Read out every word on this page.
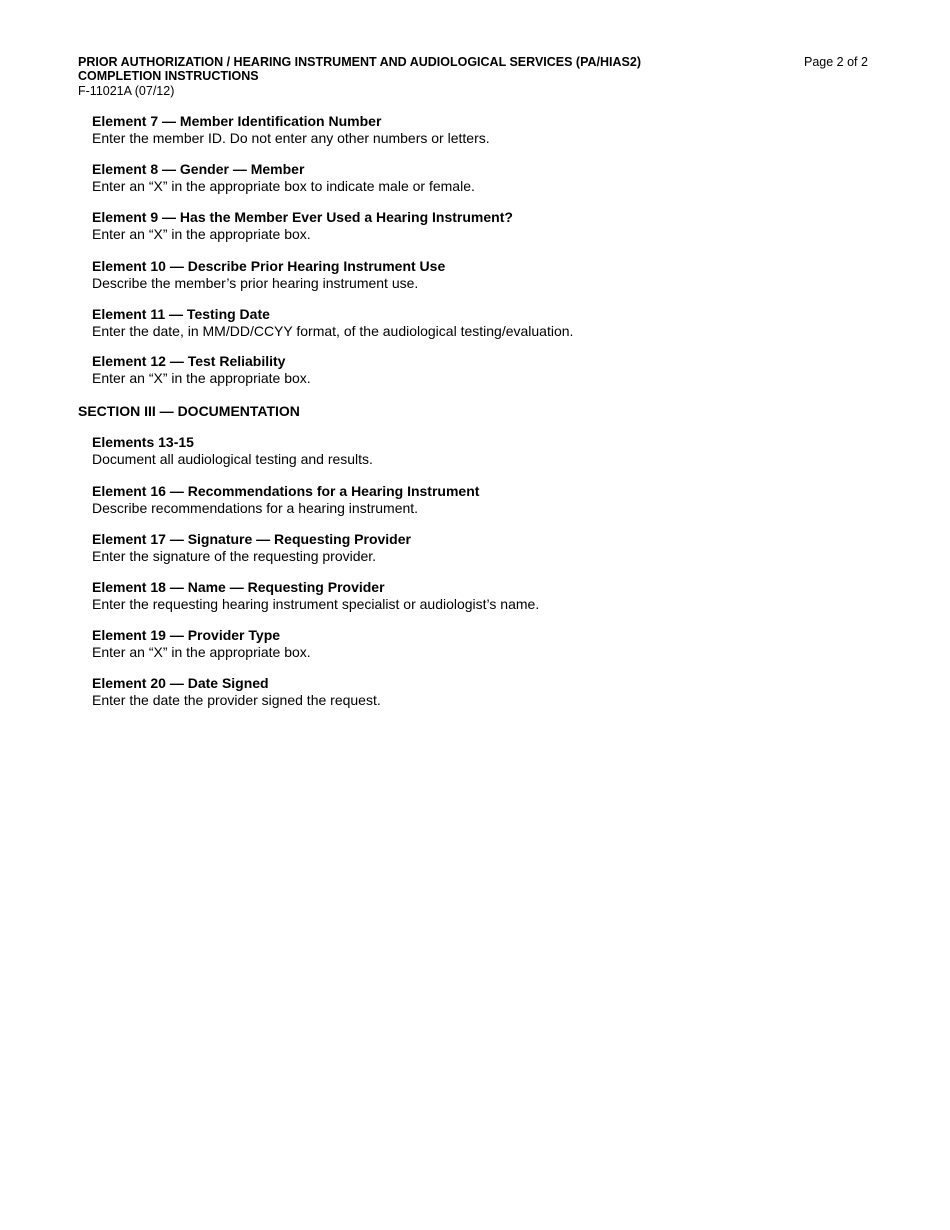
PRIOR AUTHORIZATION / HEARING INSTRUMENT AND AUDIOLOGICAL SERVICES (PA/HIAS2)
COMPLETION INSTRUCTIONS
F-11021A (07/12)
Page 2 of 2
SECTION III — DOCUMENTATION
Element 7 — Member Identification Number
Enter the member ID. Do not enter any other numbers or letters.
Element 8 — Gender — Member
Enter an “X” in the appropriate box to indicate male or female.
Element 9 — Has the Member Ever Used a Hearing Instrument?
Enter an “X” in the appropriate box.
Element 10 — Describe Prior Hearing Instrument Use
Describe the member’s prior hearing instrument use.
Element 11 — Testing Date
Enter the date, in MM/DD/CCYY format, of the audiological testing/evaluation.
Element 12 — Test Reliability
Enter an “X” in the appropriate box.
Elements 13-15
Document all audiological testing and results.
Element 16 — Recommendations for a Hearing Instrument
Describe recommendations for a hearing instrument.
Element 17 — Signature — Requesting Provider
Enter the signature of the requesting provider.
Element 18 — Name — Requesting Provider
Enter the requesting hearing instrument specialist or audiologist’s name.
Element 19 — Provider Type
Enter an “X” in the appropriate box.
Element 20 — Date Signed
Enter the date the provider signed the request.
